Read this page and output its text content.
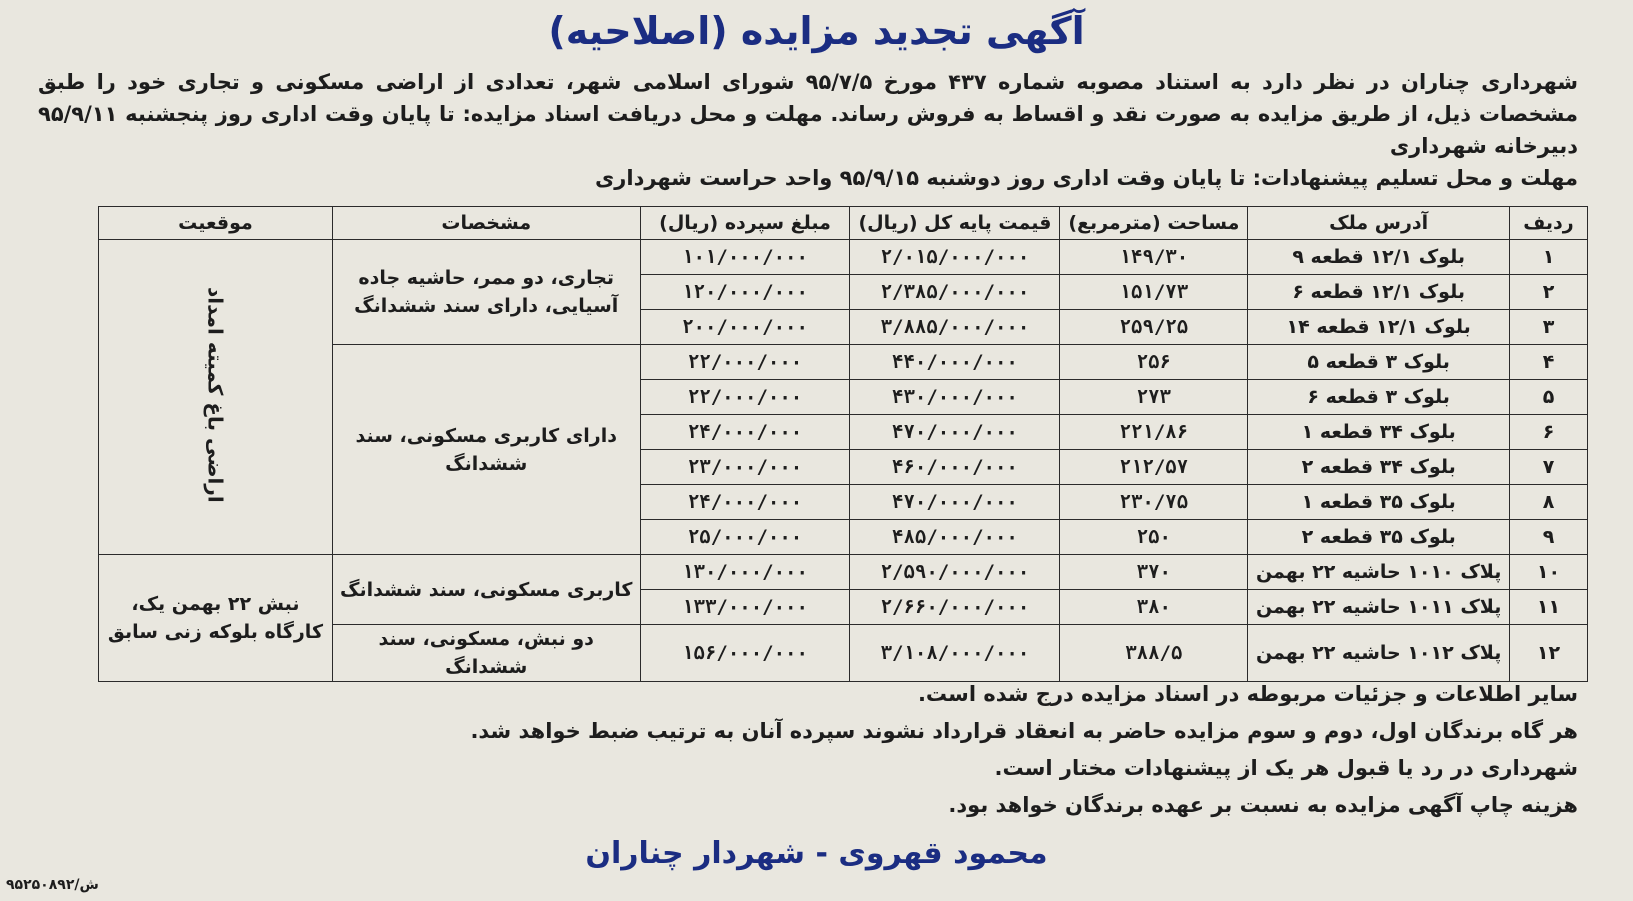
آگهی تجدید مزایده (اصلاحیه)

شهرداری چناران در نظر دارد به استناد مصوبه شماره ۴۳۷ مورخ ۹۵/۷/۵ شورای اسلامی شهر، تعدادی از اراضی مسکونی و تجاری خود را طبق مشخصات ذیل، از طریق مزایده به صورت نقد و اقساط به فروش رساند. مهلت و محل دریافت اسناد مزایده: تا پایان وقت اداری روز پنجشنبه ۹۵/۹/۱۱ دبیرخانه شهرداری

مهلت و محل تسلیم پیشنهادات: تا پایان وقت اداری روز دوشنبه ۹۵/۹/۱۵ واحد حراست شهرداری

ردیف	آدرس ملک	مساحت (مترمربع)	قیمت پایه کل (ریال)	مبلغ سپرده (ریال)	مشخصات	موقعیت
۱	بلوک ۱۲/۱ قطعه ۹	۱۴۹/۳۰	۲/۰۱۵/۰۰۰/۰۰۰	۱۰۱/۰۰۰/۰۰۰	تجاری، دو ممر، حاشیه جاده آسیایی، دارای سند ششدانگ	اراضی باغ کمیته امداد
۲	بلوک ۱۲/۱ قطعه ۶	۱۵۱/۷۳	۲/۳۸۵/۰۰۰/۰۰۰	۱۲۰/۰۰۰/۰۰۰		
۳	بلوک ۱۲/۱ قطعه ۱۴	۲۵۹/۲۵	۳/۸۸۵/۰۰۰/۰۰۰	۲۰۰/۰۰۰/۰۰۰		
۴	بلوک ۳ قطعه ۵	۲۵۶	۴۴۰/۰۰۰/۰۰۰	۲۲/۰۰۰/۰۰۰	دارای کاربری مسکونی، سند ششدانگ	
۵	بلوک ۳ قطعه ۶	۲۷۳	۴۳۰/۰۰۰/۰۰۰	۲۲/۰۰۰/۰۰۰		
۶	بلوک ۳۴ قطعه ۱	۲۲۱/۸۶	۴۷۰/۰۰۰/۰۰۰	۲۴/۰۰۰/۰۰۰		
۷	بلوک ۳۴ قطعه ۲	۲۱۲/۵۷	۴۶۰/۰۰۰/۰۰۰	۲۳/۰۰۰/۰۰۰		
۸	بلوک ۳۵ قطعه ۱	۲۳۰/۷۵	۴۷۰/۰۰۰/۰۰۰	۲۴/۰۰۰/۰۰۰		
۹	بلوک ۳۵ قطعه ۲	۲۵۰	۴۸۵/۰۰۰/۰۰۰	۲۵/۰۰۰/۰۰۰		
۱۰	پلاک ۱۰۱۰ حاشیه ۲۲ بهمن	۳۷۰	۲/۵۹۰/۰۰۰/۰۰۰	۱۳۰/۰۰۰/۰۰۰	کاربری مسکونی، سند ششدانگ	نبش ۲۲ بهمن یک، کارگاه بلوکه زنی سابق
۱۱	پلاک ۱۰۱۱ حاشیه ۲۲ بهمن	۳۸۰	۲/۶۶۰/۰۰۰/۰۰۰	۱۳۳/۰۰۰/۰۰۰		
۱۲	پلاک ۱۰۱۲ حاشیه ۲۲ بهمن	۳۸۸/۵	۳/۱۰۸/۰۰۰/۰۰۰	۱۵۶/۰۰۰/۰۰۰	دو نبش، مسکونی، سند ششدانگ	

سایر اطلاعات و جزئیات مربوطه در اسناد مزایده درج شده است.

هر گاه برندگان اول، دوم و سوم مزایده حاضر به انعقاد قرارداد نشوند سپرده آنان به ترتیب ضبط خواهد شد.

شهرداری در رد یا قبول هر یک از پیشنهادات مختار است.

هزینه چاپ آگهی مزایده به نسبت بر عهده برندگان خواهد بود.

محمود قهروی - شهردار چناران
۹۵۲۵۰۸۹۲/ش
